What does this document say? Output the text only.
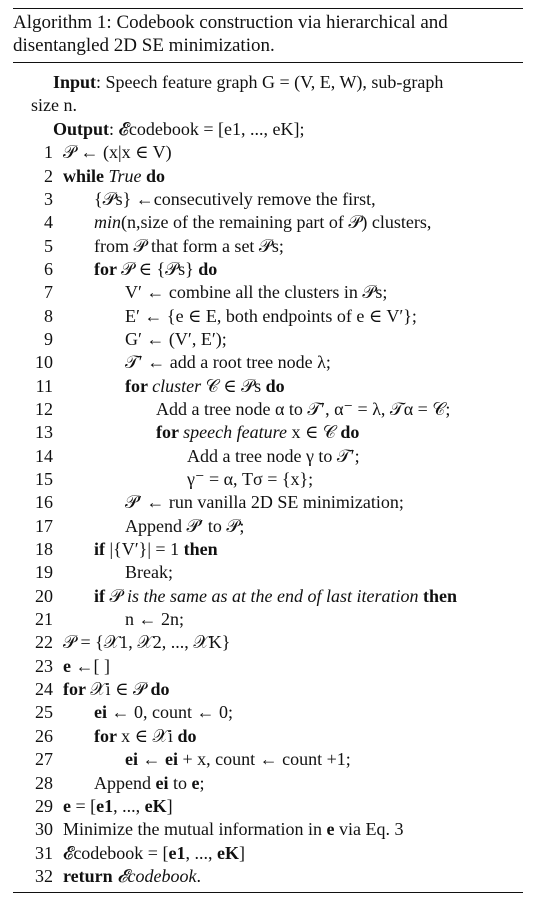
Algorithm 1: Codebook construction via hierarchical and disentangled 2D SE minimization.
Input: Speech feature graph G = (V, E, W), sub-graph
size n.
Output: 𝓔codebook = [e1, ..., eK];
1 𝒫 ← (x|x ∈ V)
2 while True do
3 {𝒫s} ←consecutively remove the first,
4 min(n,size of the remaining part of 𝒫) clusters,
5 from 𝒫 that form a set 𝒫s;
6 for 𝒫 ∈ {𝒫s} do
7	V′ ← combine all the clusters in 𝒫s;
8	E′ ← {e ∈ E, both endpoints of e ∈ V′};
9	G′ ← (V′, E′);
10	𝒯′ ← add a root tree node λ;
11	for cluster 𝒞 ∈ 𝒫s do
12	Add a tree node α to 𝒯′, α⁻ = λ, 𝒯α = 𝒞;
13	for speech feature x ∈ 𝒞 do
14	Add a tree node γ to 𝒯′;
15	γ⁻ = α, Tσ = {x};
16	𝒫′ ← run vanilla 2D SE minimization;
17	Append 𝒫′ to 𝒫;
18 if |{V′}| = 1 then
19	Break;
20 if 𝒫 is the same as at the end of last iteration then
21	n ← 2n;
22 𝒫 = {𝒳1, 𝒳2, ..., 𝒳K}
23 e ←[ ]
24 for 𝒳i ∈ 𝒫 do
25 ei ← 0, count ← 0;
26 for x ∈ 𝒳i do
27	ei ← ei + x, count ← count +1;
28 Append ei to e;
29 e = [e1, ..., eK]
30 Minimize the mutual information in e via Eq. 3
31 𝓔codebook = [e1, ..., eK]
32 return 𝓔codebook.
